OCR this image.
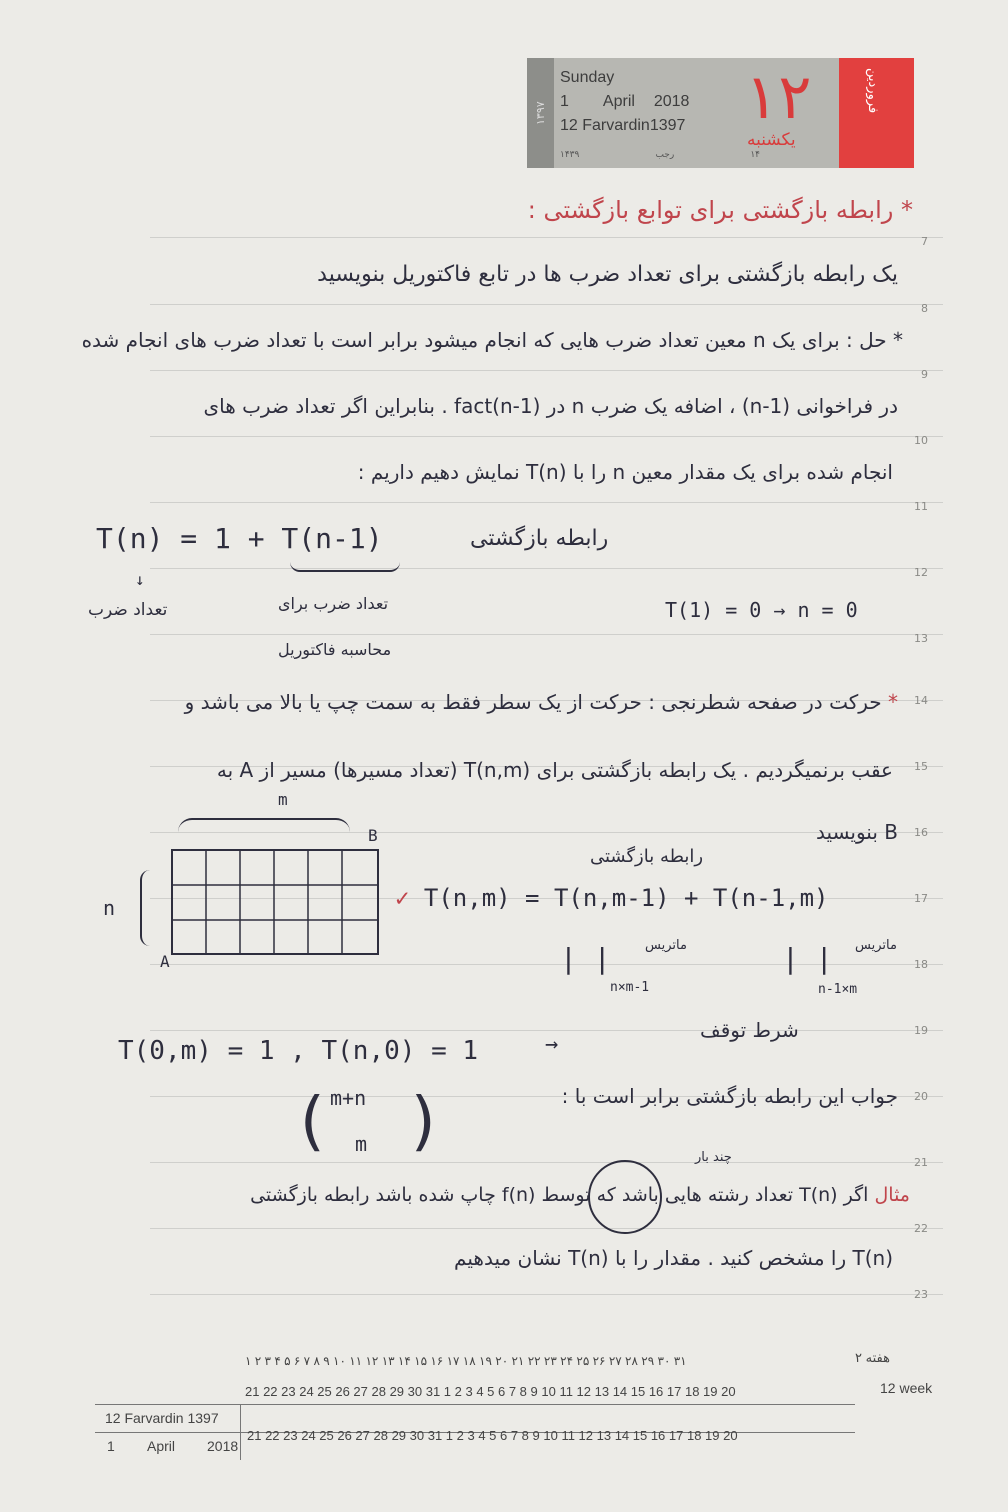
7
8
9
10
11
12
13
14
15
16
17
18
19
20
21
22
23
۱۳۹۷
Sunday
1 April 2018
12 Farvardin1397
۱۴۳۹	رجب	۱۴
۱۲
یکشنبه
فروردین
* رابطه بازگشتی برای توابع بازگشتی :
یک رابطه بازگشتی برای تعداد ضرب ها در تابع فاکتوریل بنویسید
* حل : برای یک n معین تعداد ضرب هایی که انجام میشود برابر است با تعداد ضرب های انجام شده
در فراخوانی (n-1) ، اضافه یک ضرب n در fact(n-1) . بنابراین اگر تعداد ضرب های
انجام شده برای یک مقدار معین n را با T(n) نمایش دهیم داریم :
T(n) = 1 + T(n-1)	رابطه بازگشتی
↓
تعداد ضرب	تعداد ضرب برای
محاسبه فاکتوریل
T(1) = 0 → n = 0
* حرکت در صفحه شطرنجی : حرکت از یک سطر فقط به سمت چپ یا بالا می باشد و
عقب برنمیگردیم . یک رابطه بازگشتی برای T(n,m) (تعداد مسیرها) مسیر از A به
m
B بنویسید
B
A
n
رابطه بازگشتی
✓ T(n,m) = T(n,m-1) + T(n-1,m)
| |	ماتریس
n×m-1
| | ماتریس
n-1×m
T(0,m) = 1 , T(n,0) = 1	→
شرط توقف
( m+n
m )	جواب این رابطه بازگشتی برابر است با :
چند بار
مثال اگر T(n) تعداد رشته هایی باشد که توسط f(n) چاپ شده باشد رابطه بازگشتی
T(n) را مشخص کنید . مقدار را با T(n) نشان میدهیم
هفته ۲
12 week
۱ ۲ ۳ ۴ ۵ ۶ ۷ ۸ ۹ ۱۰ ۱۱ ۱۲ ۱۳ ۱۴ ۱۵ ۱۶ ۱۷ ۱۸ ۱۹ ۲۰ ۲۱ ۲۲ ۲۳ ۲۴ ۲۵ ۲۶ ۲۷ ۲۸ ۲۹ ۳۰ ۳۱
12 Farvardin 1397
21 22 23 24 25 26 27 28 29 30 31 1 2 3 4 5 6 7 8 9 10 11 12 13 14 15 16 17 18 19 20
1 April 2018
21 22 23 24 25 26 27 28 29 30 31 1 2 3 4 5 6 7 8 9 10 11 12 13 14 15 16 17 18 19 20
